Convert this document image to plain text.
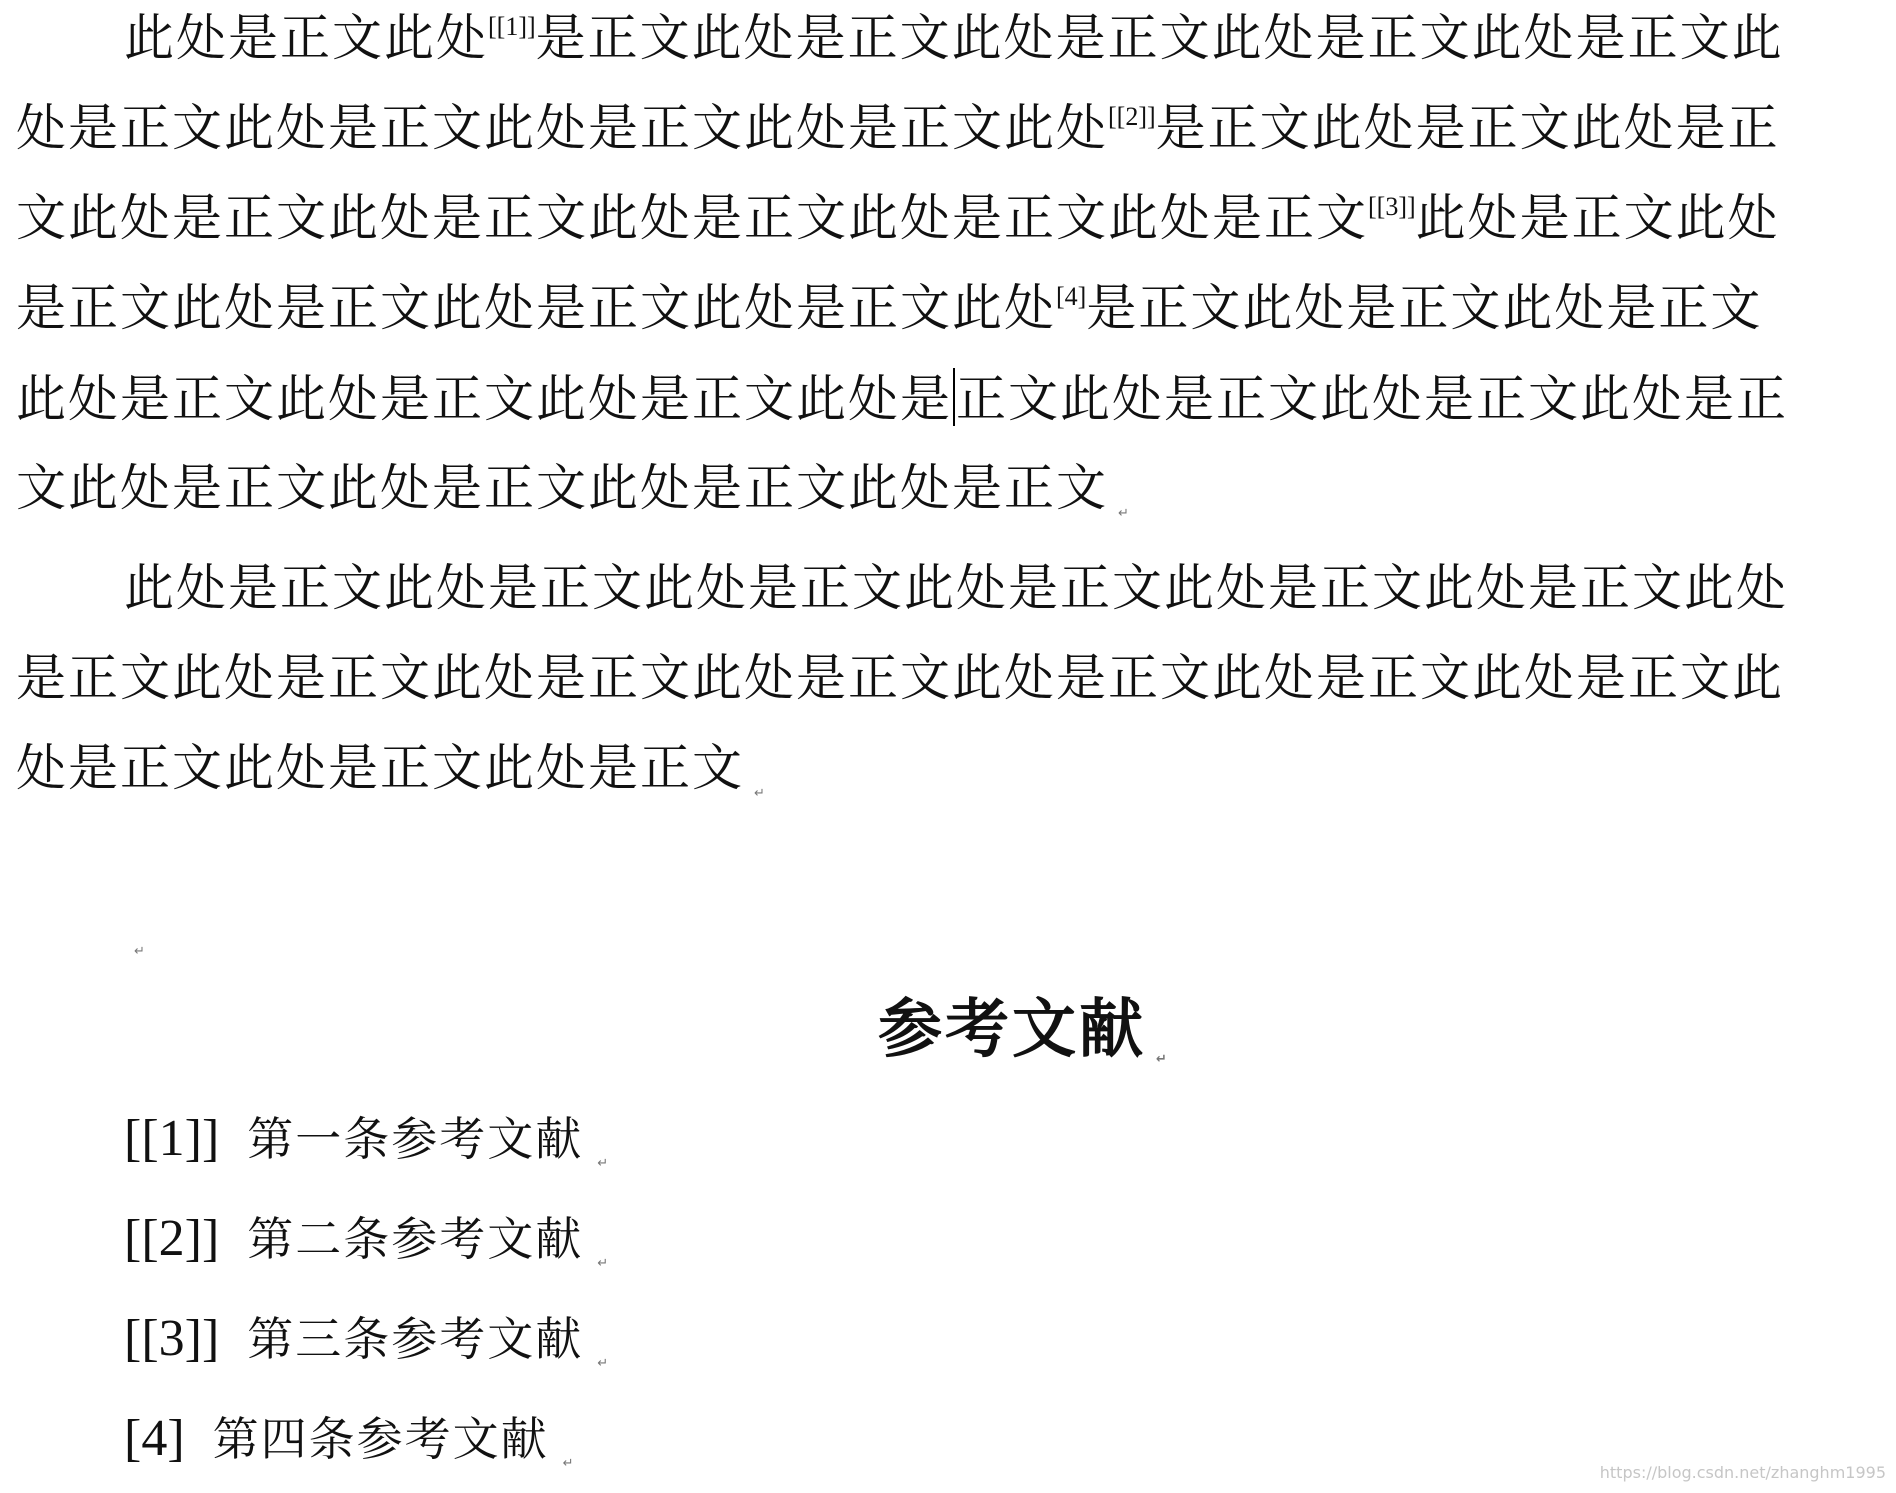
此处是正文此处[[1]]是正文此处是正文此处是正文此处是正文此处是正文此
处是正文此处是正文此处是正文此处是正文此处[[2]]是正文此处是正文此处是正
文此处是正文此处是正文此处是正文此处是正文此处是正文[[3]]此处是正文此处
是正文此处是正文此处是正文此处是正文此处[4]是正文此处是正文此处是正文
此处是正文此处是正文此处是正文此处是正文此处是正文此处是正文此处是正
文此处是正文此处是正文此处是正文此处是正文 $_↵$
此处是正文此处是正文此处是正文此处是正文此处是正文此处是正文此处
是正文此处是正文此处是正文此处是正文此处是正文此处是正文此处是正文此
处是正文此处是正文此处是正文 $_↵$
↵
参考文献 ↵
[[1]] 第一条参考文献 $_↵$
[[2]] 第二条参考文献 $_↵$
[[3]] 第三条参考文献 $_↵$
[4] 第四条参考文献 $_↵$	https://blog.csdn.net/zhanghm1995
